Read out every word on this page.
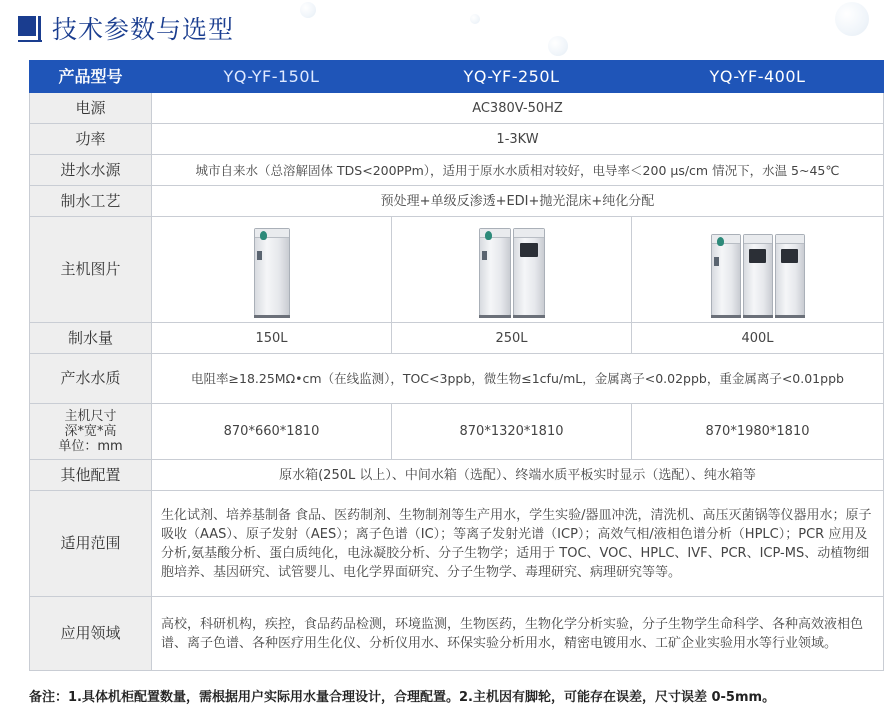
技术参数与选型
产品型号	YQ-YF-150L	YQ-YF-250L	YQ-YF-400L
电源	AC380V-50HZ		
功率	1-3KW		
进水水源	城市自来水（总溶解固体 TDS<200PPm），适用于原水水质相对较好，电导率＜200 μs/cm 情况下，水温 5~45℃		
制水工艺	预处理+单级反渗透+EDI+抛光混床+纯化分配		
主机图片	

制水量	150L	250L	400L
产水水质	电阻率≥18.25MΩ•cm（在线监测），TOC<3ppb，微生物≤1cfu/mL，金属离子<0.02ppb，重金属离子<0.01ppb		

主机尺寸
深*宽*高
单位：mm	870*660*1810	870*1320*1810	870*1980*1810
其他配置	原水箱(250L 以上）、中间水箱（选配）、终端水质平板实时显示（选配）、纯水箱等		
适用范围	生化试剂、培养基制备 食品、医药制剂、生物制剂等生产用水，学生实验/器皿冲洗，清洗机、高压灭菌锅等仪器用水；原子吸收（AAS）、原子发射（AES）；离子色谱（IC）；等离子发射光谱（ICP）；高效气相/液相色谱分析（HPLC）；PCR 应用及分析,氨基酸分析、蛋白质纯化，电泳凝胶分析、分子生物学；适用于 TOC、VOC、HPLC、IVF、PCR、ICP-MS、动植物细胞培养、基因研究、试管婴儿、电化学界面研究、分子生物学、毒理研究、病理研究等等。		
应用领域	高校，科研机构，疾控，食品药品检测，环境监测，生物医药，生物化学分析实验，分子生物学生命科学、各种高效液相色谱、离子色谱、各种医疗用生化仪、分析仪用水、环保实验分析用水，精密电镀用水、工矿企业实验用水等行业领域。		
备注：1.具体机柜配置数量，需根据用户实际用水量合理设计，合理配置。2.主机因有脚轮，可能存在误差，尺寸误差 0-5mm。
